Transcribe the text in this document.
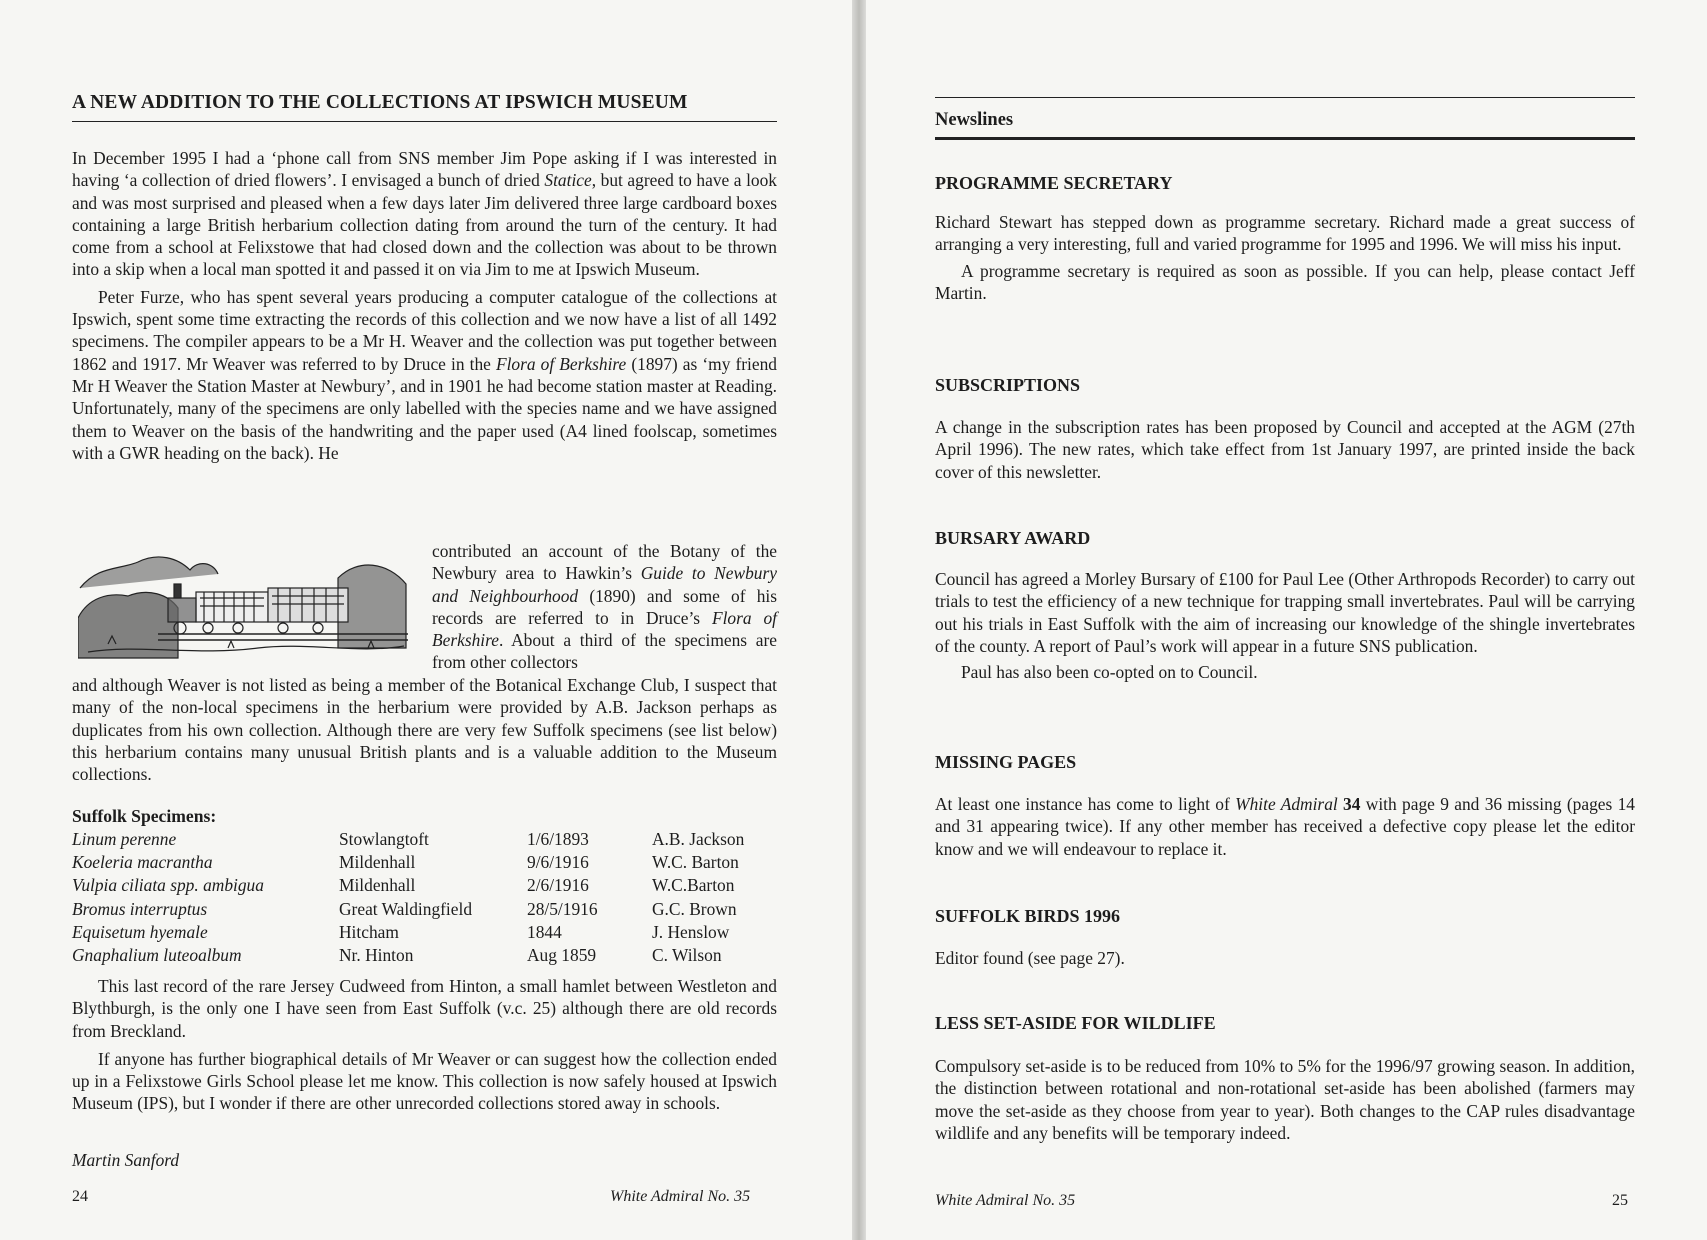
A NEW ADDITION TO THE COLLECTIONS AT IPSWICH MUSEUM

In December 1995 I had a ‘phone call from SNS member Jim Pope asking if I was interested in having ‘a collection of dried flowers’. I envisaged a bunch of dried Statice, but agreed to have a look and was most surprised and pleased when a few days later Jim delivered three large cardboard boxes containing a large British herbarium collection dating from around the turn of the century. It had come from a school at Felixstowe that had closed down and the collection was about to be thrown into a skip when a local man spotted it and passed it on via Jim to me at Ipswich Museum.

Peter Furze, who has spent several years producing a computer catalogue of the collections at Ipswich, spent some time extracting the records of this collection and we now have a list of all 1492 specimens. The compiler appears to be a Mr H. Weaver and the collection was put together between 1862 and 1917. Mr Weaver was referred to by Druce in the Flora of Berkshire (1897) as ‘my friend Mr H Weaver the Station Master at Newbury’, and in 1901 he had become station master at Reading. Unfortunately, many of the specimens are only labelled with the species name and we have assigned them to Weaver on the basis of the handwriting and the paper used (A4 lined foolscap, sometimes with a GWR heading on the back). He

contributed an account of the Botany of the Newbury area to Hawkin’s Guide to Newbury and Neighbourhood (1890) and some of his records are referred to in Druce’s Flora of Berkshire. About a third of the specimens are from other collectors
and although Weaver is not listed as being a member of the Botanical Exchange Club, I suspect that many of the non-local specimens in the herbarium were provided by A.B. Jackson perhaps as duplicates from his own collection. Although there are very few Suffolk specimens (see list below) this herbarium contains many unusual British plants and is a valuable addition to the Museum collections.
Suffolk Specimens:
Linum perenne	Stowlangtoft	1/6/1893	A.B. Jackson
Koeleria macrantha	Mildenhall	9/6/1916	W.C. Barton
Vulpia ciliata spp. ambigua	Mildenhall	2/6/1916	W.C.Barton
Bromus interruptus	Great Waldingfield	28/5/1916	G.C. Brown
Equisetum hyemale	Hitcham	1844	J. Henslow
Gnaphalium luteoalbum	Nr. Hinton	Aug 1859	C. Wilson

This last record of the rare Jersey Cudweed from Hinton, a small hamlet between Westleton and Blythburgh, is the only one I have seen from East Suffolk (v.c. 25) although there are old records from Breckland.

If anyone has further biographical details of Mr Weaver or can suggest how the collection ended up in a Felixstowe Girls School please let me know. This collection is now safely housed at Ipswich Museum (IPS), but I wonder if there are other unrecorded collections stored away in schools.

Martin Sanford
24	White Admiral No. 35
Newslines
PROGRAMME SECRETARY

Richard Stewart has stepped down as programme secretary. Richard made a great success of arranging a very interesting, full and varied programme for 1995 and 1996. We will miss his input.

A programme secretary is required as soon as possible. If you can help, please contact Jeff Martin.

SUBSCRIPTIONS

A change in the subscription rates has been proposed by Council and accepted at the AGM (27th April 1996). The new rates, which take effect from 1st January 1997, are printed inside the back cover of this newsletter.

BURSARY AWARD

Council has agreed a Morley Bursary of £100 for Paul Lee (Other Arthropods Recorder) to carry out trials to test the efficiency of a new technique for trapping small invertebrates. Paul will be carrying out his trials in East Suffolk with the aim of increasing our knowledge of the shingle invertebrates of the county. A report of Paul’s work will appear in a future SNS publication.

Paul has also been co-opted on to Council.

MISSING PAGES

At least one instance has come to light of White Admiral 34 with page 9 and 36 missing (pages 14 and 31 appearing twice). If any other member has received a defective copy please let the editor know and we will endeavour to replace it.

SUFFOLK BIRDS 1996

Editor found (see page 27).

LESS SET-ASIDE FOR WILDLIFE

Compulsory set-aside is to be reduced from 10% to 5% for the 1996/97 growing season. In addition, the distinction between rotational and non-rotational set-aside has been abolished (farmers may move the set-aside as they choose from year to year). Both changes to the CAP rules disadvantage wildlife and any benefits will be temporary indeed.

White Admiral No. 35	25
